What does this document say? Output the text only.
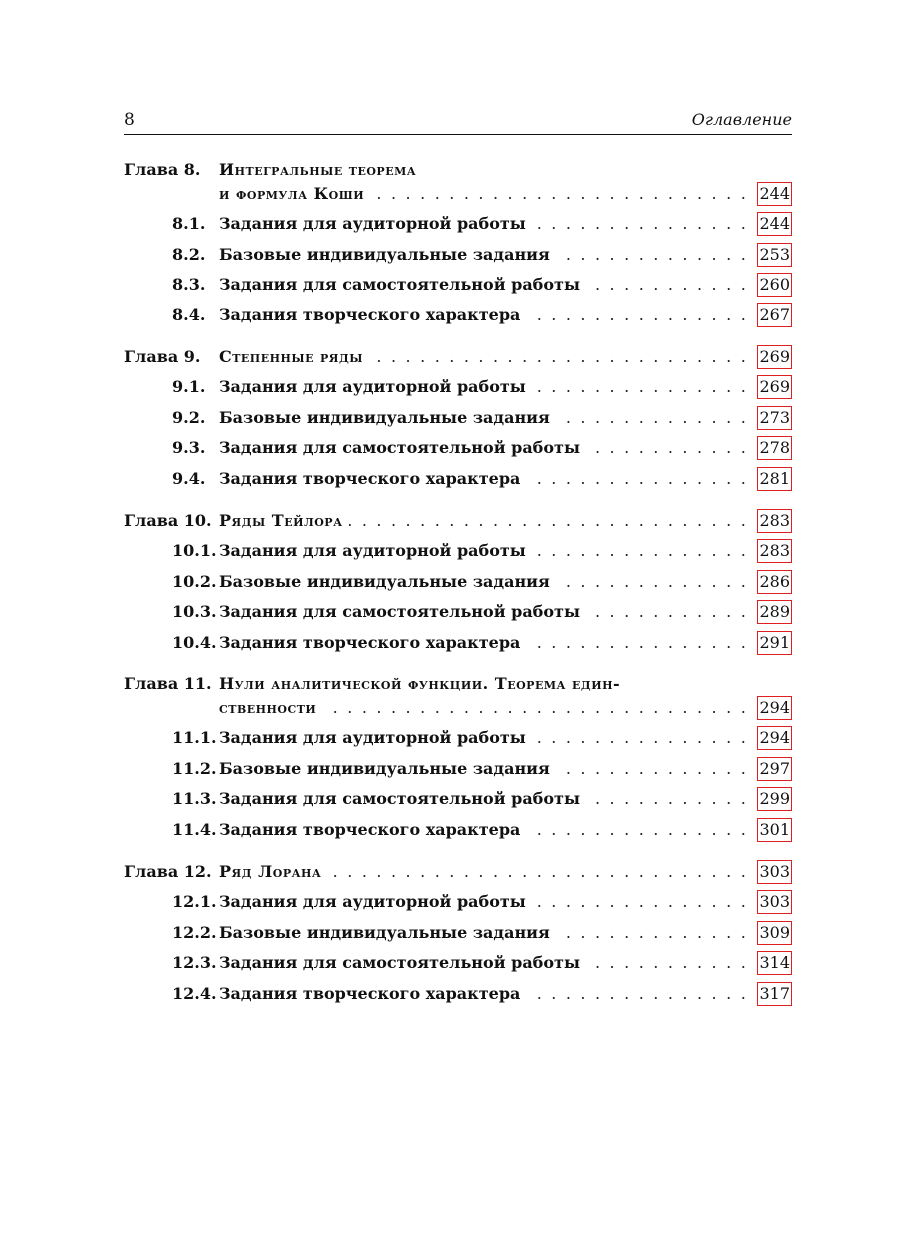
8	Оглавление
Глава 8. Интегральные теорема
и формула Коши . . .	244
8.1. Задания для аудиторной работы . . .	244
8.2. Базовые индивидуальные задания . . .	253
8.3. Задания для самостоятельной работы . . .	260
8.4. Задания творческого характера . . .	267
Глава 9. Степенные ряды . . .	269
9.1. Задания для аудиторной работы . . .	269
9.2. Базовые индивидуальные задания . . .	273
9.3. Задания для самостоятельной работы . . .	278
9.4. Задания творческого характера . . .	281
Глава 10. Ряды Тейлора . . .	283
10.1. Задания для аудиторной работы . . .	283
10.2. Базовые индивидуальные задания . . .	286
10.3. Задания для самостоятельной работы . . .	289
10.4. Задания творческого характера . . .	291
Глава 11. Нули аналитической функции. Теорема един-
ственности . . .	294
11.1. Задания для аудиторной работы . . .	294
11.2. Базовые индивидуальные задания . . .	297
11.3. Задания для самостоятельной работы . . .	299
11.4. Задания творческого характера . . .	301
Глава 12. Ряд Лорана . . .	303
12.1. Задания для аудиторной работы . . .	303
12.2. Базовые индивидуальные задания . . .	309
12.3. Задания для самостоятельной работы . . .	314
12.4. Задания творческого характера . . .	317
